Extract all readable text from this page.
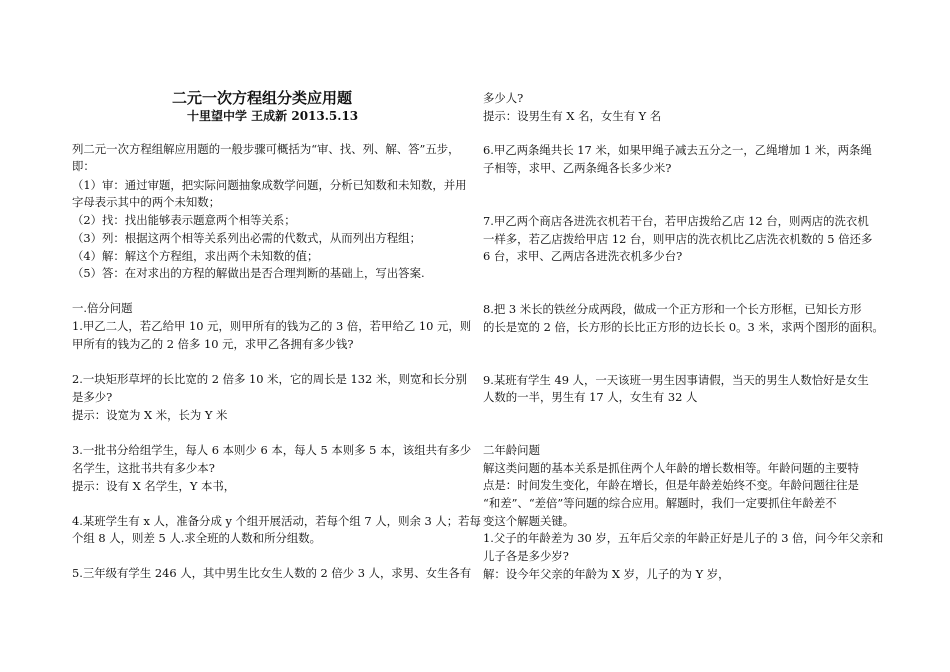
二元一次方程组分类应用题
十里望中学 王成新 2013.5.13
列二元一次方程组解应用题的一般步骤可概括为“审、找、列、解、答”五步，
即：
（1）审：通过审题，把实际问题抽象成数学问题，分析已知数和未知数，并用
字母表示其中的两个未知数；
（2）找：找出能够表示题意两个相等关系；
（3）列：根据这两个相等关系列出必需的代数式，从而列出方程组；
（4）解：解这个方程组，求出两个未知数的值；
（5）答：在对求出的方程的解做出是否合理判断的基础上，写出答案.
一.倍分问题
1.甲乙二人，若乙给甲 10 元，则甲所有的钱为乙的 3 倍，若甲给乙 10 元，则
甲所有的钱为乙的 2 倍多 10 元，求甲乙各拥有多少钱?
2.一块矩形草坪的长比宽的 2 倍多 10 米，它的周长是 132 米，则宽和长分别
是多少?
提示：设宽为 X 米，长为 Y 米
3.一批书分给组学生，每人 6 本则少 6 本，每人 5 本则多 5 本，该组共有多少
名学生，这批书共有多少本?
提示：设有 X 名学生，Y 本书，
4.某班学生有 x 人，准备分成 y 个组开展活动，若每个组 7 人，则余 3 人；若每
个组 8 人，则差 5 人.求全班的人数和所分组数。
5.三年级有学生 246 人，其中男生比女生人数的 2 倍少 3 人，求男、女生各有
多少人?
提示：设男生有 X 名，女生有 Y 名
6.甲乙两条绳共长 17 米，如果甲绳子减去五分之一，乙绳增加 1 米，两条绳
子相等，求甲、乙两条绳各长多少米?
7.甲乙两个商店各进洗衣机若干台，若甲店拨给乙店 12 台，则两店的洗衣机
一样多，若乙店拨给甲店 12 台，则甲店的洗衣机比乙店洗衣机数的 5 倍还多
6 台，求甲、乙两店各进洗衣机多少台?
8.把 3 米长的铁丝分成两段，做成一个正方形和一个长方形框，已知长方形
的长是宽的 2 倍，长方形的长比正方形的边长长 0。3 米，求两个图形的面积。
9.某班有学生 49 人，一天该班一男生因事请假，当天的男生人数恰好是女生
人数的一半，男生有 17 人，女生有 32 人
二年龄问题
解这类问题的基本关系是抓住两个人年龄的增长数相等。年龄问题的主要特
点是：时间发生变化，年龄在增长，但是年龄差始终不变。年龄问题往往是
“和差”、“差倍”等问题的综合应用。解题时，我们一定要抓住年龄差不
变这个解题关键。
1.父子的年龄差为 30 岁，五年后父亲的年龄正好是儿子的 3 倍，问今年父亲和
儿子各是多少岁?
解：设今年父亲的年龄为 X 岁，儿子的为 Y 岁，
